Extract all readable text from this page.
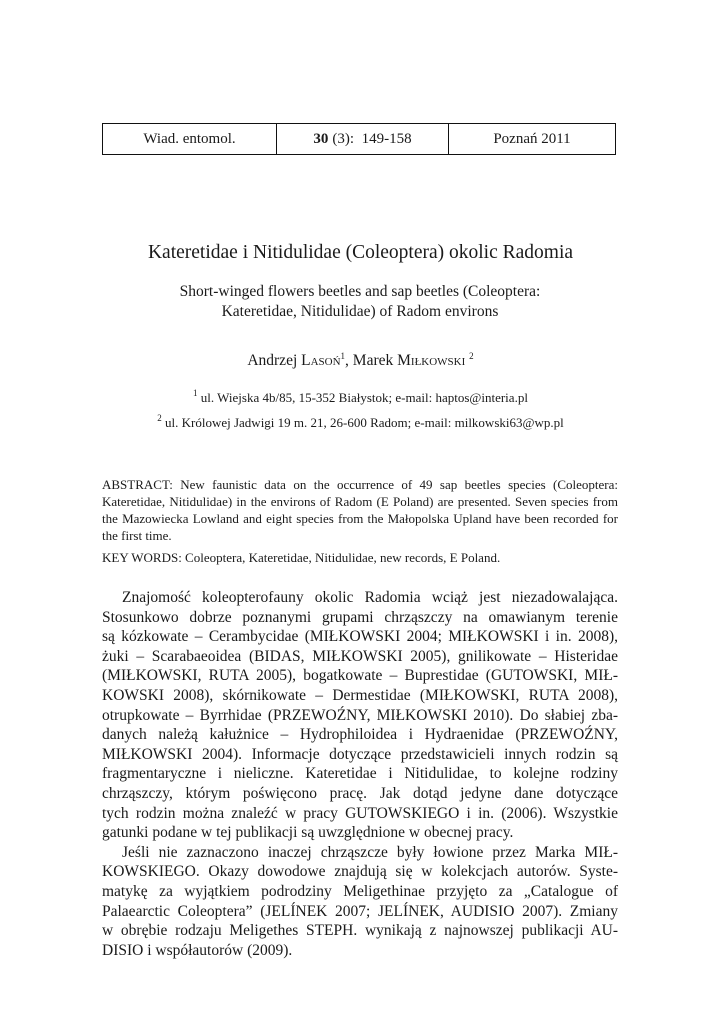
Wiad. entomol.	30 (3):  149-158	Poznań 2011
Kateretidae i Nitidulidae (Coleoptera) okolic Radomia
Short-winged flowers beetles and sap beetles (Coleoptera:
Kateretidae, Nitidulidae) of Radom environs
Andrzej Lasoń$^1$, Marek Miłkowski $^2$
$^1$ ul. Wiejska 4b/85, 15-352 Białystok; e-mail: haptos@interia.pl
$^2$ ul. Królowej Jadwigi 19 m. 21, 26-600 Radom; e-mail: milkowski63@wp.pl
ABSTRACT: New faunistic data on the occurrence of 49 sap beetles species (Coleoptera: Kateretidae, Nitidulidae) in the environs of Radom (E Poland) are presented. Seven species from the Mazowiecka Lowland and eight species from the Małopolska Upland have been recorded for the first time.
KEY WORDS: Coleoptera, Kateretidae, Nitidulidae, new records, E Poland.
Znajomość koleopterofauny okolic Radomia wciąż jest niezadowalająca.
Stosunkowo dobrze poznanymi grupami chrząszczy na omawianym terenie
są kózkowate – Cerambycidae (MIŁKOWSKI 2004; MIŁKOWSKI i in. 2008),
żuki – Scarabaeoidea (BIDAS, MIŁKOWSKI 2005), gnilikowate – Histeridae
(MIŁKOWSKI, RUTA 2005), bogatkowate – Buprestidae (GUTOWSKI, MIŁ-
KOWSKI 2008), skórnikowate – Dermestidae (MIŁKOWSKI, RUTA 2008),
otrupkowate – Byrrhidae (PRZEWOŹNY, MIŁKOWSKI 2010). Do słabiej zba-
danych należą kałużnice – Hydrophiloidea i Hydraenidae (PRZEWOŹNY,
MIŁKOWSKI 2004). Informacje dotyczące przedstawicieli innych rodzin są
fragmentaryczne i nieliczne. Kateretidae i Nitidulidae, to kolejne rodziny
chrząszczy, którym poświęcono pracę. Jak dotąd jedyne dane dotyczące
tych rodzin można znaleźć w pracy GUTOWSKIEGO i in. (2006). Wszystkie
gatunki podane w tej publikacji są uwzględnione w obecnej pracy.
Jeśli nie zaznaczono inaczej chrząszcze były łowione przez Marka MIŁ-
KOWSKIEGO. Okazy dowodowe znajdują się w kolekcjach autorów. Syste-
matykę za wyjątkiem podrodziny Meligethinae przyjęto za „Catalogue of
Palaearctic Coleoptera” (JELÍNEK 2007; JELÍNEK, AUDISIO 2007). Zmiany
w obrębie rodzaju Meligethes STEPH. wynikają z najnowszej publikacji AU-
DISIO i współautorów (2009).
